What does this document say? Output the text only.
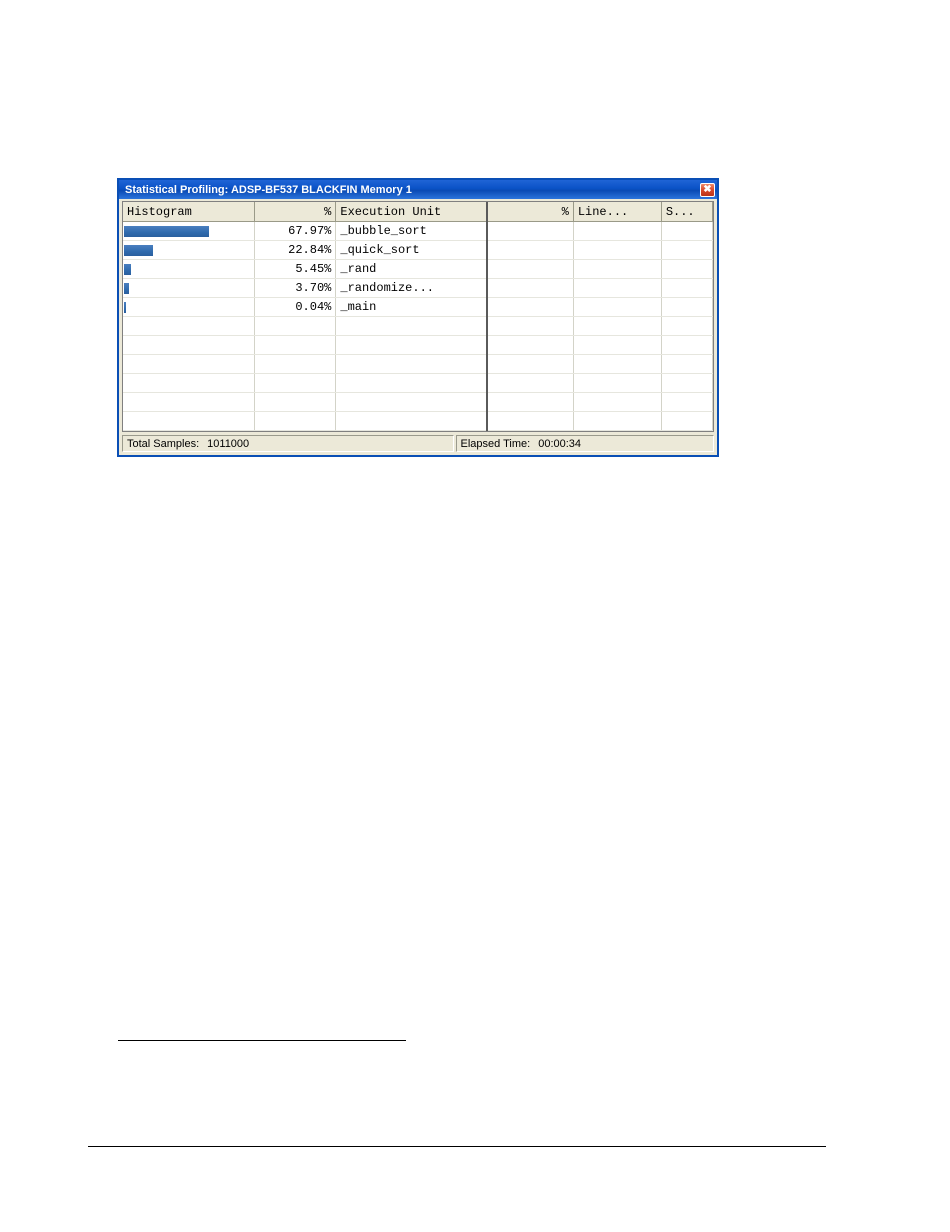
Statistical Profiling: ADSP-BF537 BLACKFIN Memory 1	✖
Histogram	%	Execution Unit	%	Line...	S...

	67.97%	_bubble_sort			

	22.84%	_quick_sort			

	5.45%	_rand			

	3.70%	_randomize...			

	0.04%	_main			

Total Samples: 1011000	Elapsed Time: 00:00:34
